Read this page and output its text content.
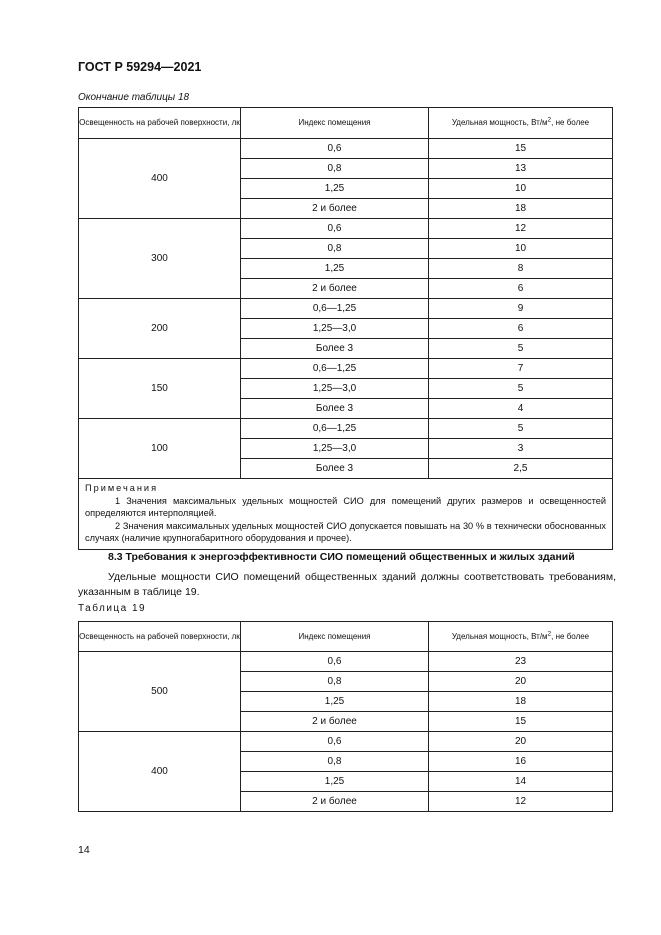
ГОСТ Р 59294—2021
Окончание таблицы 18
Освещенность на рабочей поверхности, лк	Индекс помещения	Удельная мощность, $Вт/м^2$, не более
400	0,6	15
	0,8	13
	1,25	10
	2 и более	18
300	0,6	12
	0,8	10
	1,25	8
	2 и более	6
200	0,6—1,25	9
	1,25—3,0	6
	Более 3	5
150	0,6—1,25	7
	1,25—3,0	5
	Более 3	4
100	0,6—1,25	5
	1,25—3,0	3
	Более 3	2,5

Примечания

1 Значения максимальных удельных мощностей СИО для помещений других размеров и освещенностей определяются интерполяцией.

2 Значения максимальных удельных мощностей СИО допускается повышать на 30 % в технически обоснованных случаях (наличие крупногабаритного оборудования и прочее).		

8.3 Требования к энергоэффективности СИО помещений общественных и жилых зданий

Удельные мощности СИО помещений общественных зданий должны соответствовать требованиям, указанным в таблице 19.

Таблица 19
Освещенность на рабочей поверхности, лк	Индекс помещения	Удельная мощность, $Вт/м^2$, не более
500	0,6	23
	0,8	20
	1,25	18
	2 и более	15
400	0,6	20
	0,8	16
	1,25	14
	2 и более	12
14
